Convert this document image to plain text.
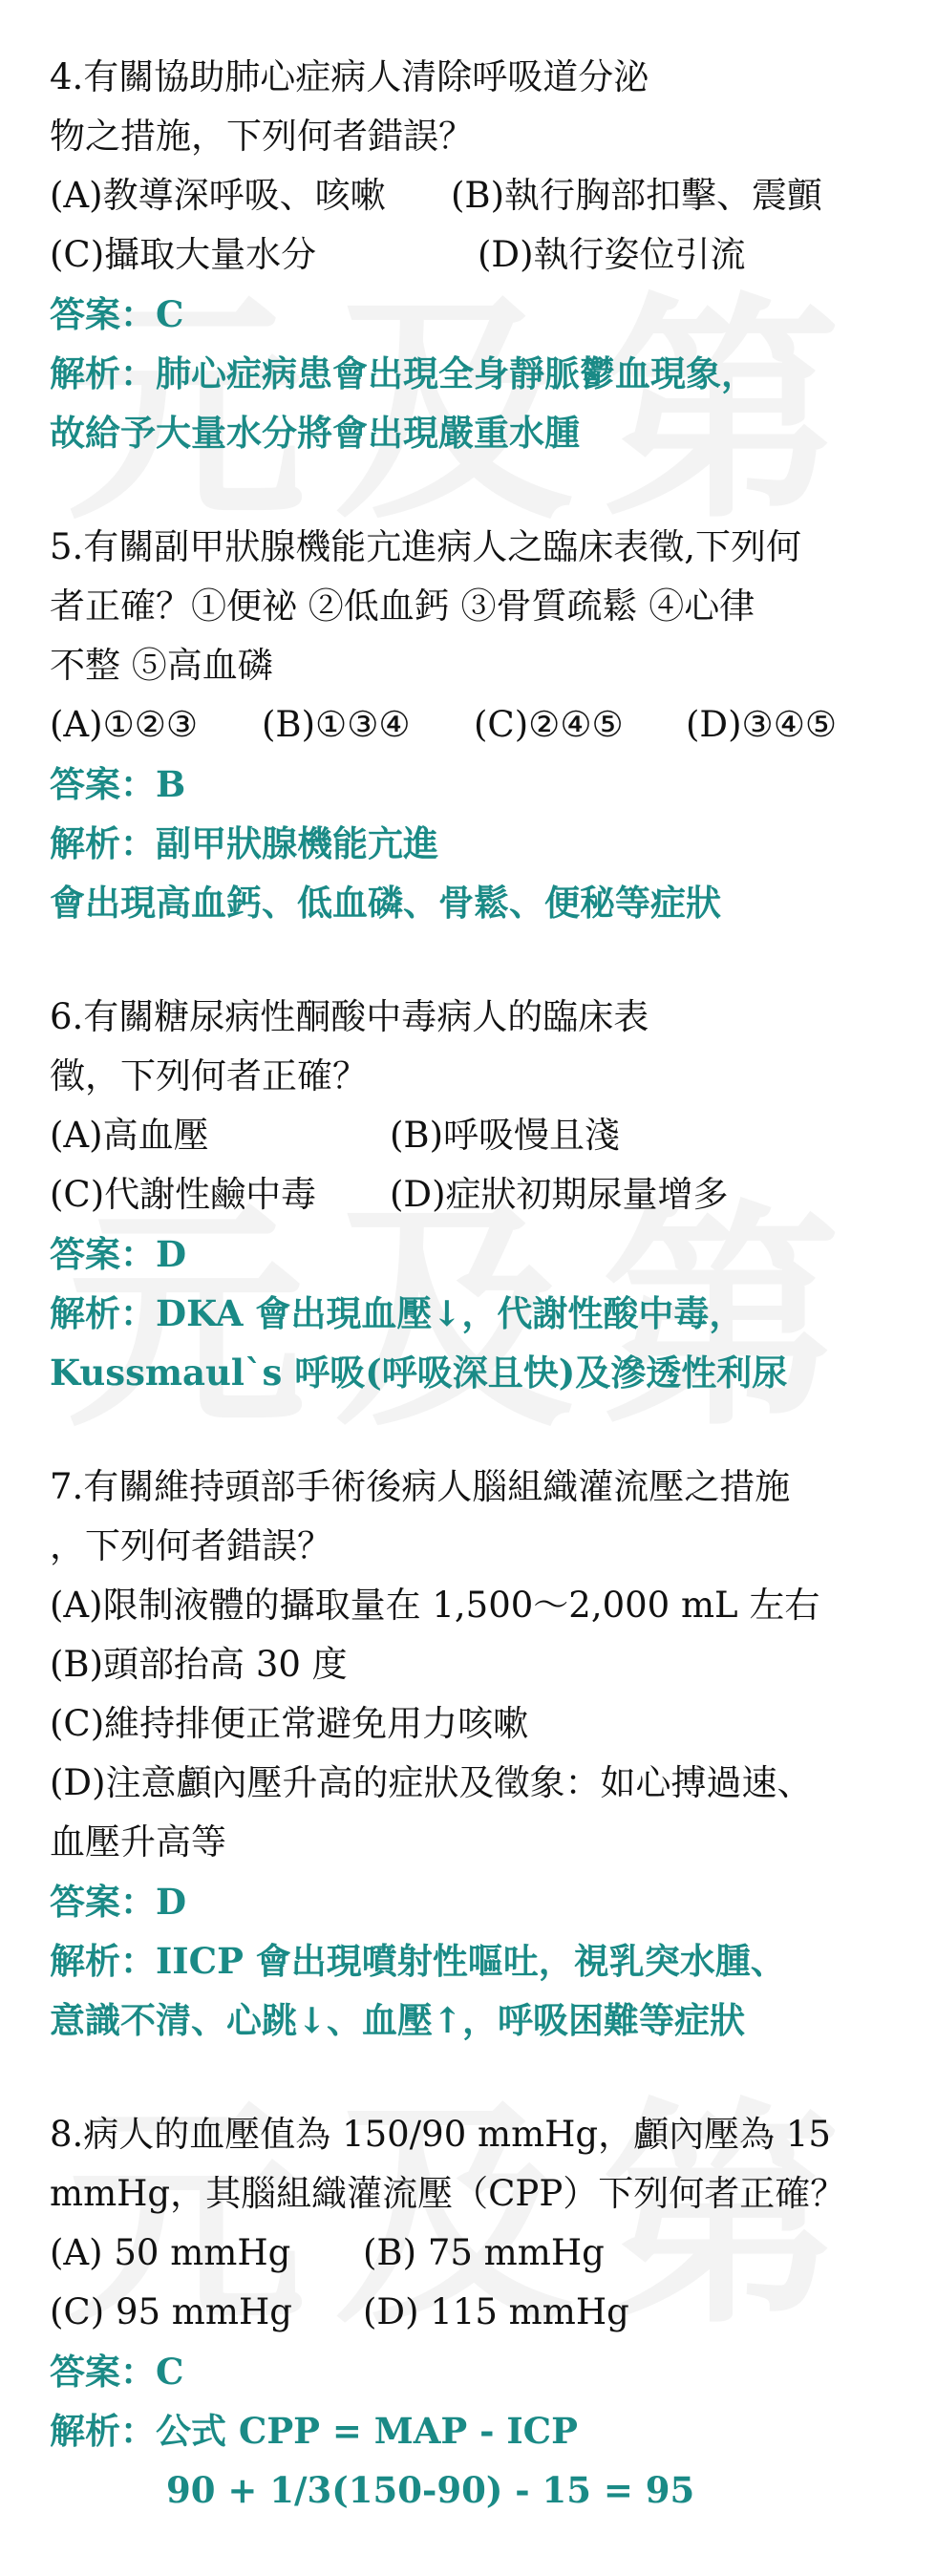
4.有關協助肺心症病人清除呼吸道分泌
物之措施，下列何者錯誤？
(A)教導深呼吸、咳嗽	(B)執行胸部扣擊、震顫
(C)攝取大量水分	(D)執行姿位引流
答案：C
解析：肺心症病患會出現全身靜脈鬱血現象，
故給予大量水分將會出現嚴重水腫
5.有關副甲狀腺機能亢進病人之臨床表徵,下列何
者正確？①便祕 ②低血鈣 ③骨質疏鬆 ④心律
不整 ⑤高血磷
(A)①②③	(B)①③④	(C)②④⑤	(D)③④⑤
答案：B
解析：副甲狀腺機能亢進
會出現高血鈣、低血磷、骨鬆、便秘等症狀
6.有關糖尿病性酮酸中毒病人的臨床表
徵，下列何者正確？
(A)高血壓	(B)呼吸慢且淺
(C)代謝性鹼中毒	(D)症狀初期尿量增多
答案：D
解析：DKA 會出現血壓↓，代謝性酸中毒，
Kussmaul`s 呼吸(呼吸深且快)及滲透性利尿
7.有關維持頭部手術後病人腦組織灌流壓之措施
，下列何者錯誤？
(A)限制液體的攝取量在 1,500～2,000 mL 左右
(B)頭部抬高 30 度
(C)維持排便正常避免用力咳嗽
(D)注意顱內壓升高的症狀及徵象：如心搏過速、
血壓升高等
答案：D
解析：IICP 會出現噴射性嘔吐，視乳突水腫、
意識不清、心跳↓、血壓↑，呼吸困難等症狀
8.病人的血壓值為 150/90 mmHg，顱內壓為 15
mmHg，其腦組織灌流壓（CPP）下列何者正確？
(A) 50 mmHg	(B) 75 mmHg
(C) 95 mmHg	(D) 115 mmHg
答案：C
解析：公式 CPP = MAP - ICP
90 + 1/3(150-90) - 15 = 95
